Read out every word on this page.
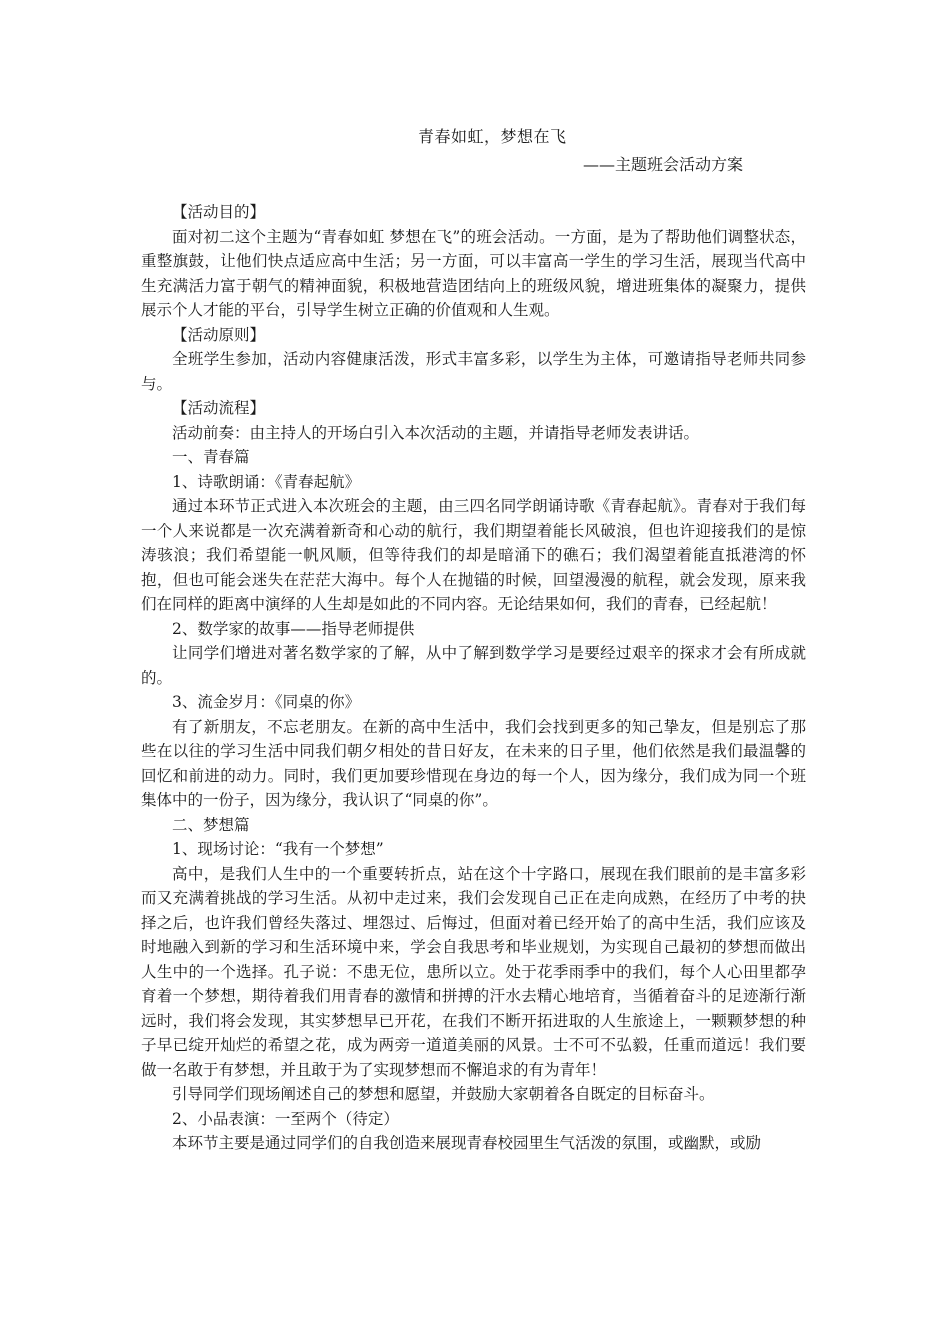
青春如虹，梦想在飞
——主题班会活动方案

【活动目的】

面对初二这个主题为“青春如虹 梦想在飞”的班会活动。一方面，是为了帮助他们调整状态，重整旗鼓，让他们快点适应高中生活；另一方面，可以丰富高一学生的学习生活，展现当代高中生充满活力富于朝气的精神面貌，积极地营造团结向上的班级风貌，增进班集体的凝聚力，提供展示个人才能的平台，引导学生树立正确的价值观和人生观。

【活动原则】

全班学生参加，活动内容健康活泼，形式丰富多彩，以学生为主体，可邀请指导老师共同参与。

【活动流程】

活动前奏：由主持人的开场白引入本次活动的主题，并请指导老师发表讲话。

一、青春篇

1、诗歌朗诵：《青春起航》

通过本环节正式进入本次班会的主题，由三四名同学朗诵诗歌《青春起航》。青春对于我们每一个人来说都是一次充满着新奇和心动的航行，我们期望着能长风破浪，但也许迎接我们的是惊涛骇浪；我们希望能一帆风顺，但等待我们的却是暗涌下的礁石；我们渴望着能直抵港湾的怀抱，但也可能会迷失在茫茫大海中。每个人在抛锚的时候，回望漫漫的航程，就会发现，原来我们在同样的距离中演绎的人生却是如此的不同内容。无论结果如何，我们的青春，已经起航！

2、数学家的故事——指导老师提供

让同学们增进对著名数学家的了解，从中了解到数学学习是要经过艰辛的探求才会有所成就的。

3、流金岁月：《同桌的你》

有了新朋友，不忘老朋友。在新的高中生活中，我们会找到更多的知己挚友，但是别忘了那些在以往的学习生活中同我们朝夕相处的昔日好友，在未来的日子里，他们依然是我们最温馨的回忆和前进的动力。同时，我们更加要珍惜现在身边的每一个人，因为缘分，我们成为同一个班集体中的一份子，因为缘分，我认识了“同桌的你”。

二、梦想篇

1、现场讨论：“我有一个梦想”

高中，是我们人生中的一个重要转折点，站在这个十字路口，展现在我们眼前的是丰富多彩而又充满着挑战的学习生活。从初中走过来，我们会发现自己正在走向成熟，在经历了中考的抉择之后，也许我们曾经失落过、埋怨过、后悔过，但面对着已经开始了的高中生活，我们应该及时地融入到新的学习和生活环境中来，学会自我思考和毕业规划，为实现自己最初的梦想而做出人生中的一个选择。孔子说：不患无位，患所以立。处于花季雨季中的我们，每个人心田里都孕育着一个梦想，期待着我们用青春的激情和拼搏的汗水去精心地培育，当循着奋斗的足迹渐行渐远时，我们将会发现，其实梦想早已开花，在我们不断开拓进取的人生旅途上，一颗颗梦想的种子早已绽开灿烂的希望之花，成为两旁一道道美丽的风景。士不可不弘毅，任重而道远！我们要做一名敢于有梦想，并且敢于为了实现梦想而不懈追求的有为青年！

引导同学们现场阐述自己的梦想和愿望，并鼓励大家朝着各自既定的目标奋斗。

2、小品表演：一至两个（待定）

本环节主要是通过同学们的自我创造来展现青春校园里生气活泼的氛围，或幽默，或励
